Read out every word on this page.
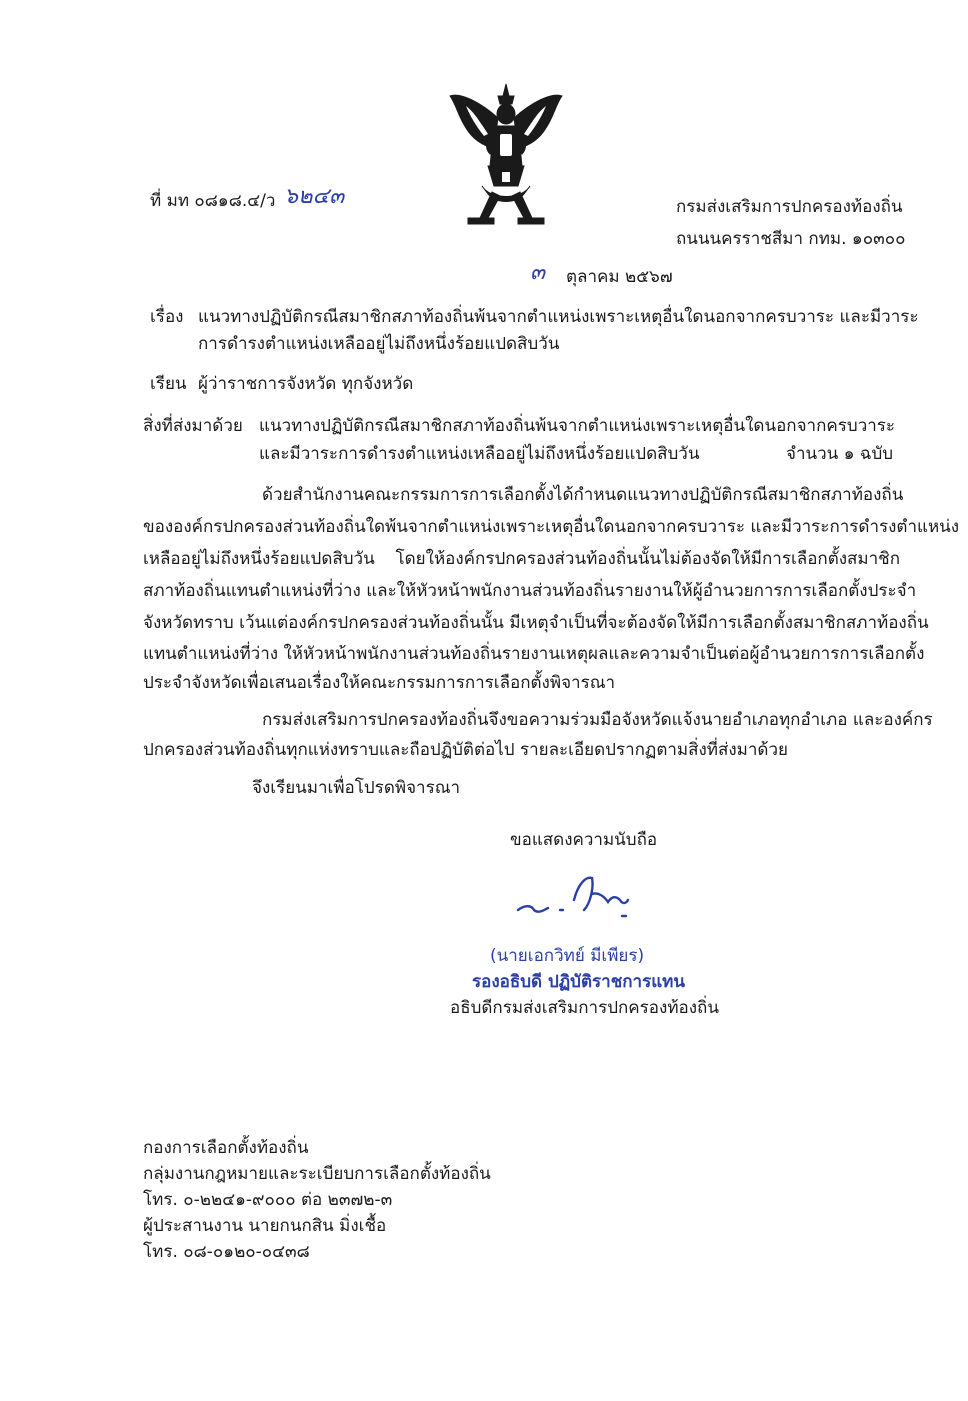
ที่ มท ๐๘๑๘.๔/ว ๖๒๔๓	กรมส่งเสริมการปกครองท้องถิ่น
ถนนนครราชสีมา กทม. ๑๐๓๐๐
๓ ตุลาคม ๒๕๖๗
เรื่อง แนวทางปฏิบัติกรณีสมาชิกสภาท้องถิ่นพ้นจากตำแหน่งเพราะเหตุอื่นใดนอกจากครบวาระ และมีวาระ
การดำรงตำแหน่งเหลืออยู่ไม่ถึงหนึ่งร้อยแปดสิบวัน
เรียน ผู้ว่าราชการจังหวัด ทุกจังหวัด
สิ่งที่ส่งมาด้วย แนวทางปฏิบัติกรณีสมาชิกสภาท้องถิ่นพ้นจากตำแหน่งเพราะเหตุอื่นใดนอกจากครบวาระ
และมีวาระการดำรงตำแหน่งเหลืออยู่ไม่ถึงหนึ่งร้อยแปดสิบวัน	จำนวน ๑ ฉบับ
ด้วยสำนักงานคณะกรรมการการเลือกตั้งได้กำหนดแนวทางปฏิบัติกรณีสมาชิกสภาท้องถิ่น
ขององค์กรปกครองส่วนท้องถิ่นใดพ้นจากตำแหน่งเพราะเหตุอื่นใดนอกจากครบวาระ และมีวาระการดำรงตำแหน่ง
เหลืออยู่ไม่ถึงหนึ่งร้อยแปดสิบวัน โดยให้องค์กรปกครองส่วนท้องถิ่นนั้นไม่ต้องจัดให้มีการเลือกตั้งสมาชิก
สภาท้องถิ่นแทนตำแหน่งที่ว่าง และให้หัวหน้าพนักงานส่วนท้องถิ่นรายงานให้ผู้อำนวยการการเลือกตั้งประจำ
จังหวัดทราบ เว้นแต่องค์กรปกครองส่วนท้องถิ่นนั้น มีเหตุจำเป็นที่จะต้องจัดให้มีการเลือกตั้งสมาชิกสภาท้องถิ่น
แทนตำแหน่งที่ว่าง ให้หัวหน้าพนักงานส่วนท้องถิ่นรายงานเหตุผลและความจำเป็นต่อผู้อำนวยการการเลือกตั้ง
ประจำจังหวัดเพื่อเสนอเรื่องให้คณะกรรมการการเลือกตั้งพิจารณา
กรมส่งเสริมการปกครองท้องถิ่นจึงขอความร่วมมือจังหวัดแจ้งนายอำเภอทุกอำเภอ และองค์กร
ปกครองส่วนท้องถิ่นทุกแห่งทราบและถือปฏิบัติต่อไป รายละเอียดปรากฏตามสิ่งที่ส่งมาด้วย
จึงเรียนมาเพื่อโปรดพิจารณา
ขอแสดงความนับถือ
(นายเอกวิทย์ มีเพียร)
รองอธิบดี ปฏิบัติราชการแทน
อธิบดีกรมส่งเสริมการปกครองท้องถิ่น
กองการเลือกตั้งท้องถิ่น
กลุ่มงานกฎหมายและระเบียบการเลือกตั้งท้องถิ่น
โทร. ๐-๒๒๔๑-๙๐๐๐ ต่อ ๒๓๗๒-๓
ผู้ประสานงาน นายกนกสิน มิ่งเชื้อ
โทร. ๐๘-๐๑๒๐-๐๔๓๘
